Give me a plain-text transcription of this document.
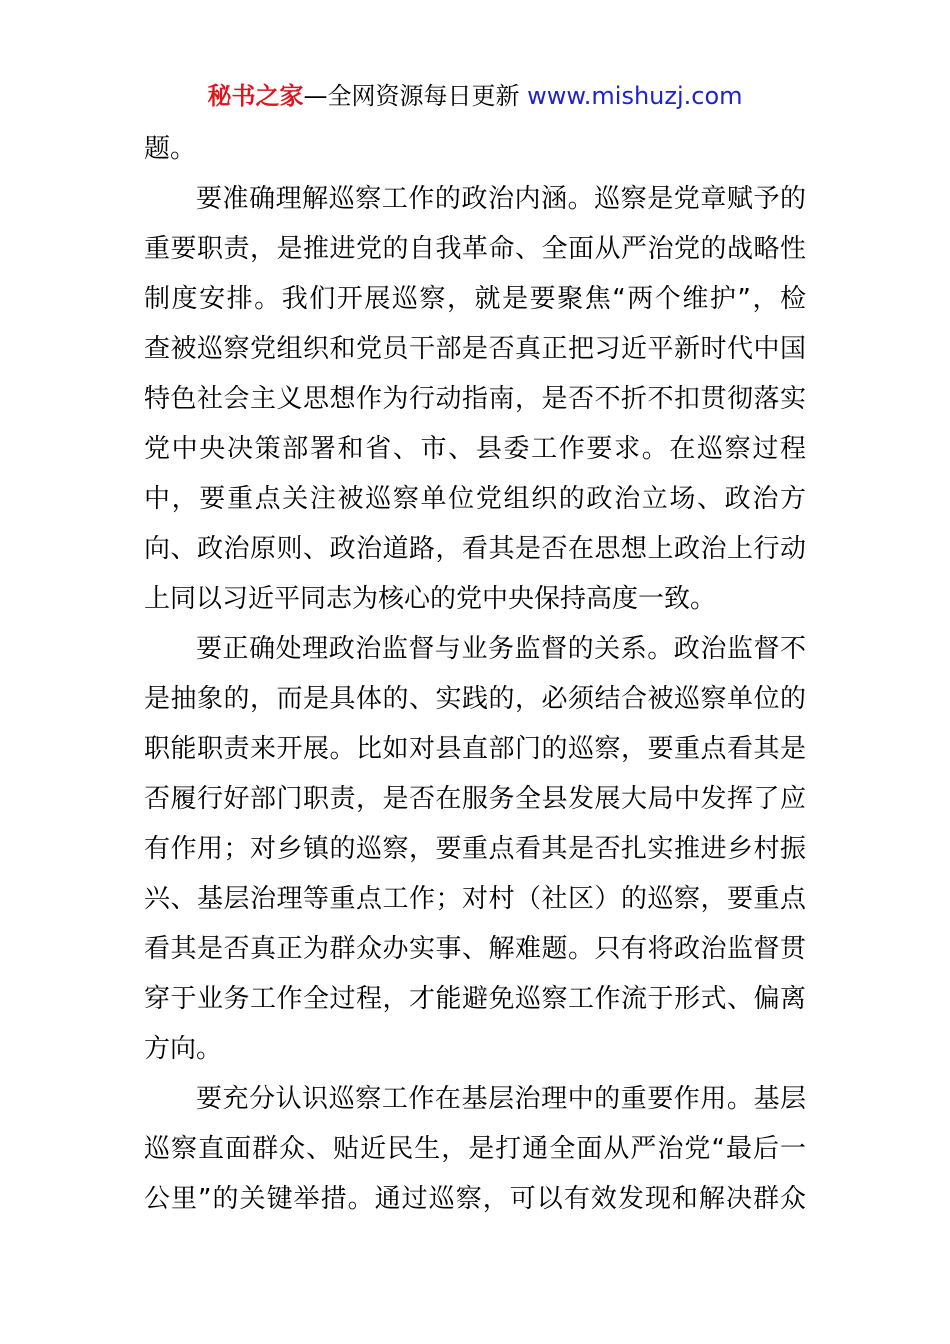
秘书之家—全网资源每日更新 www.mishuzj.com
题。
要准确理解巡察工作的政治内涵。巡察是党章赋予的
重要职责，是推进党的自我革命、全面从严治党的战略性
制度安排。我们开展巡察，就是要聚焦“两个维护”，检
查被巡察党组织和党员干部是否真正把习近平新时代中国
特色社会主义思想作为行动指南，是否不折不扣贯彻落实
党中央决策部署和省、市、县委工作要求。在巡察过程
中，要重点关注被巡察单位党组织的政治立场、政治方
向、政治原则、政治道路，看其是否在思想上政治上行动
上同以习近平同志为核心的党中央保持高度一致。
要正确处理政治监督与业务监督的关系。政治监督不
是抽象的，而是具体的、实践的，必须结合被巡察单位的
职能职责来开展。比如对县直部门的巡察，要重点看其是
否履行好部门职责，是否在服务全县发展大局中发挥了应
有作用；对乡镇的巡察，要重点看其是否扎实推进乡村振
兴、基层治理等重点工作；对村（社区）的巡察，要重点
看其是否真正为群众办实事、解难题。只有将政治监督贯
穿于业务工作全过程，才能避免巡察工作流于形式、偏离
方向。
要充分认识巡察工作在基层治理中的重要作用。基层
巡察直面群众、贴近民生，是打通全面从严治党“最后一
公里”的关键举措。通过巡察，可以有效发现和解决群众
